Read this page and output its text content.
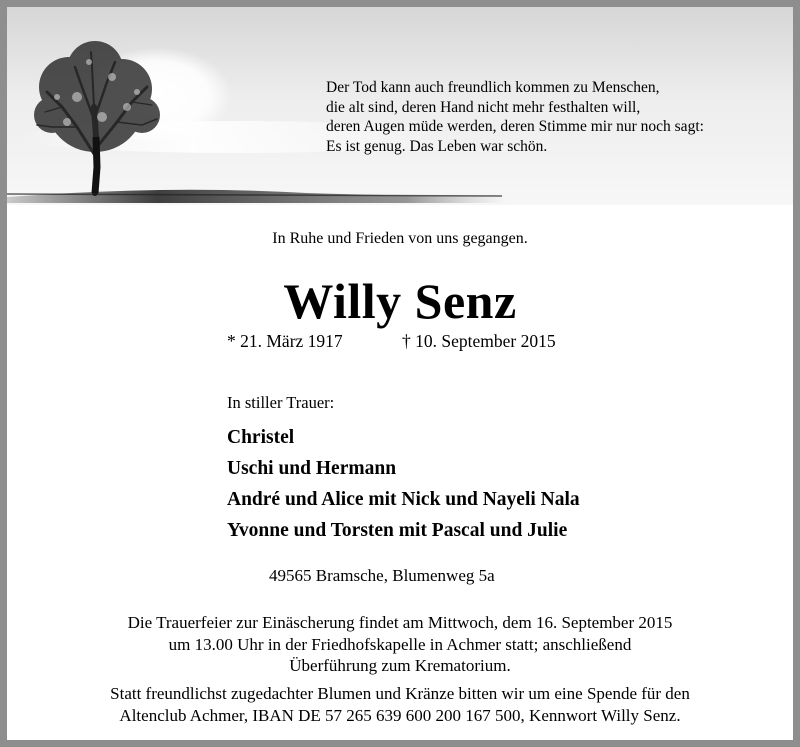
Der Tod kann auch freundlich kommen zu Menschen,
die alt sind, deren Hand nicht mehr festhalten will,
deren Augen müde werden, deren Stimme mir nur noch sagt:
Es ist genug. Das Leben war schön.
In Ruhe und Frieden von uns gegangen.
Willy Senz
* 21. März 1917	† 10. September 2015
In stiller Trauer:
Christel
Uschi und Hermann
André und Alice mit Nick und Nayeli Nala
Yvonne und Torsten mit Pascal und Julie
49565 Bramsche, Blumenweg 5a
Die Trauerfeier zur Einäscherung findet am Mittwoch, dem 16. September 2015
um 13.00 Uhr in der Friedhofskapelle in Achmer statt; anschließend
Überführung zum Krematorium.
Statt freundlichst zugedachter Blumen und Kränze bitten wir um eine Spende für den
Altenclub Achmer, IBAN DE 57 265 639 600 200 167 500, Kennwort Willy Senz.
